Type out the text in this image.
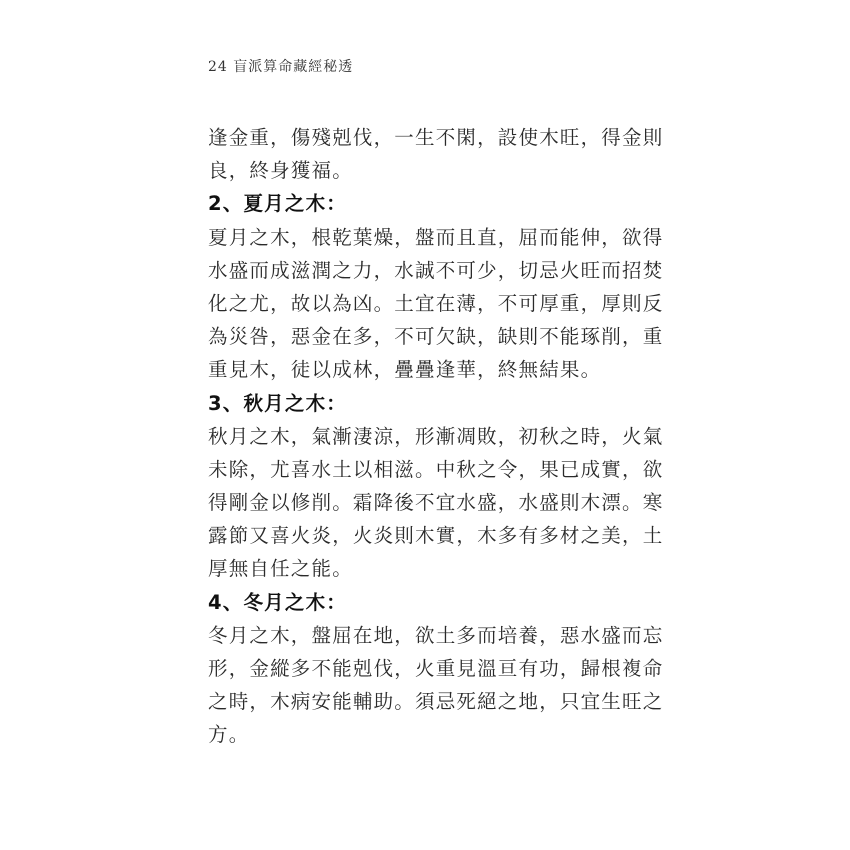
24 盲派算命藏經秘透
逢金重，傷殘剋伐，一生不閑，設使木旺，得金則
良，終身獲福。
2、夏月之木：
夏月之木，根乾葉燥，盤而且直，屈而能伸，欲得
水盛而成滋潤之力，水誠不可少，切忌火旺而招焚
化之尤，故以為凶。土宜在薄，不可厚重，厚則反
為災咎，惡金在多，不可欠缺，缺則不能琢削，重
重見木，徒以成林，疊疊逢華，終無結果。
3、秋月之木：
秋月之木，氣漸淒涼，形漸凋敗，初秋之時，火氣
未除，尤喜水土以相滋。中秋之令，果已成實，欲
得剛金以修削。霜降後不宜水盛，水盛則木漂。寒
露節又喜火炎，火炎則木實，木多有多材之美，土
厚無自任之能。
4、冬月之木：
冬月之木，盤屈在地，欲土多而培養，惡水盛而忘
形，金縱多不能剋伐，火重見溫亘有功，歸根複命
之時，木病安能輔助。須忌死絕之地，只宜生旺之
方。
